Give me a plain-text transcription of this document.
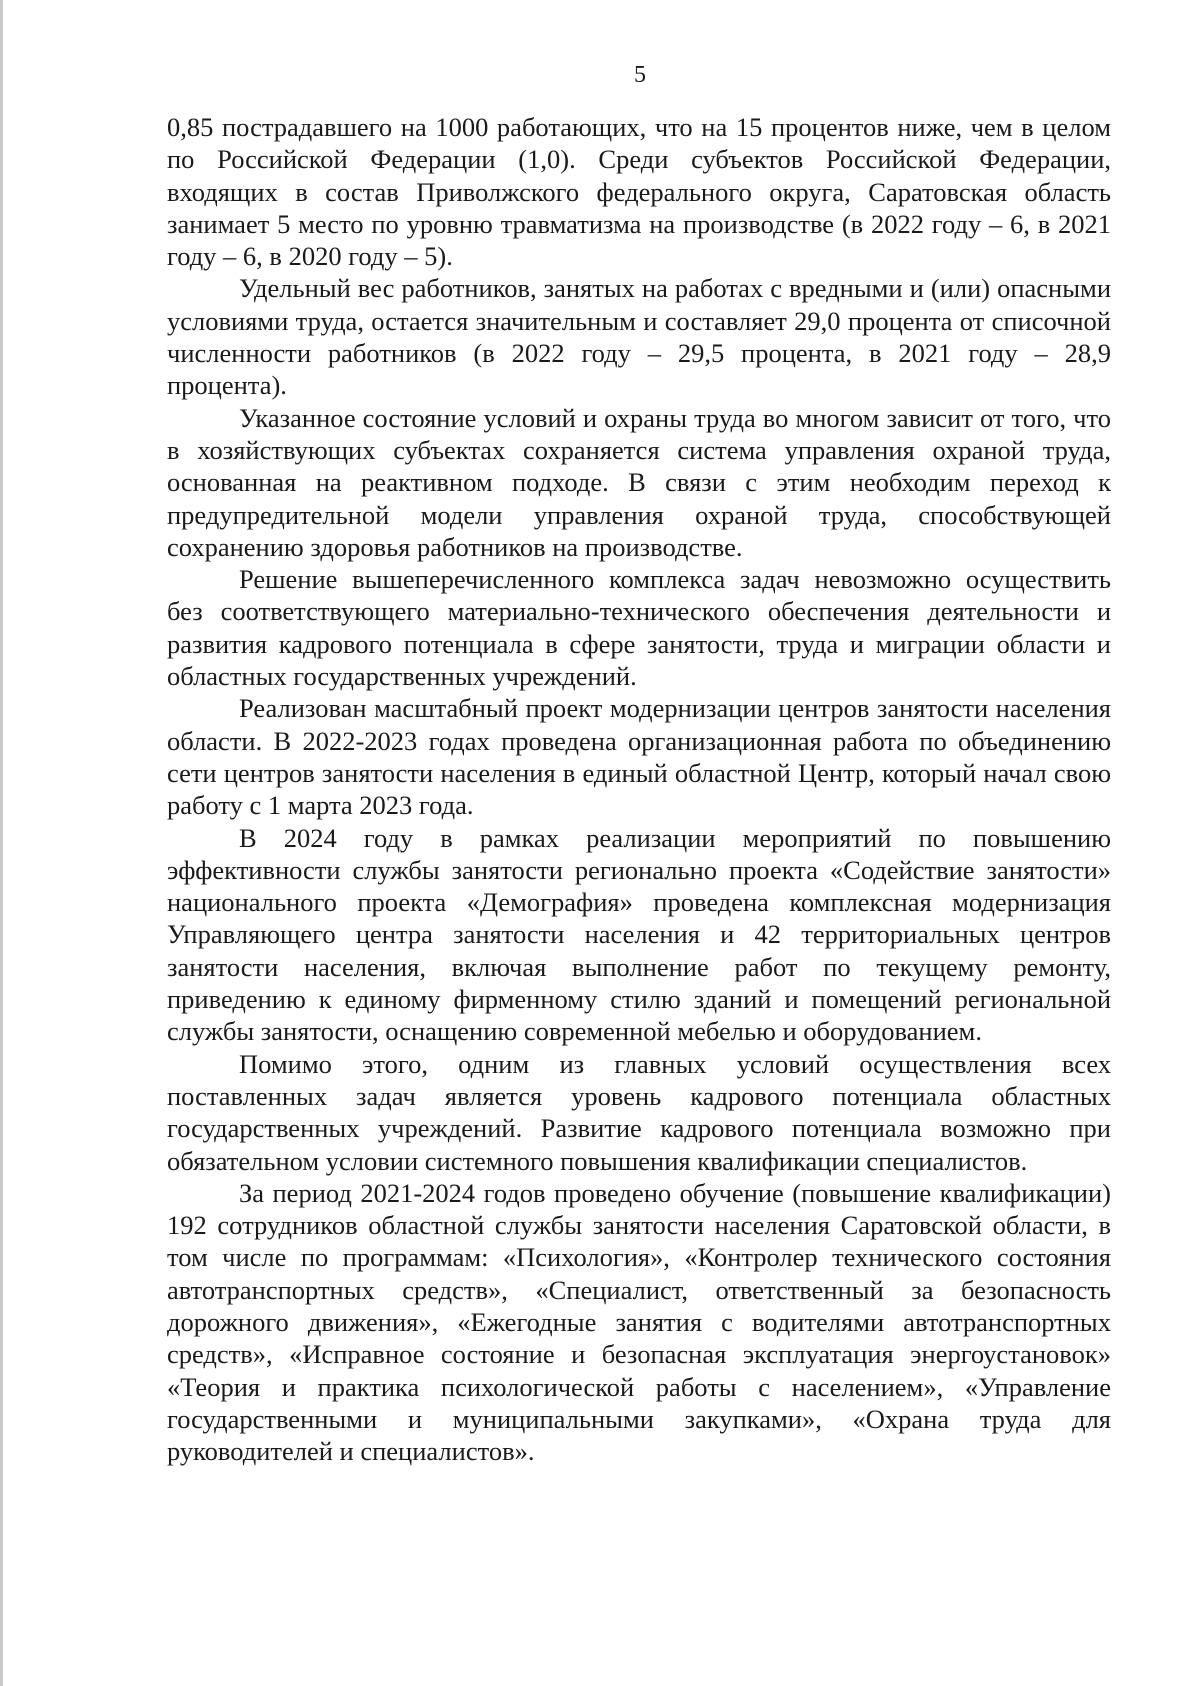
5

0,85 пострадавшего на 1000 работающих, что на 15 процентов ниже, чем в целом по Российской Федерации (1,0). Среди субъектов Российской Федерации, входящих в состав Приволжского федерального округа, Саратовская область занимает 5 место по уровню травматизма на производстве (в 2022 году – 6, в 2021 году – 6, в 2020 году – 5).

Удельный вес работников, занятых на работах с вредными и (или) опасными условиями труда, остается значительным и составляет 29,0 процента от списочной численности работников (в 2022 году – 29,5 процента, в 2021 году – 28,9 процента).

Указанное состояние условий и охраны труда во многом зависит от того, что в хозяйствующих субъектах сохраняется система управления охраной труда, основанная на реактивном подходе. В связи с этим необходим переход к предупредительной модели управления охраной труда, способствующей сохранению здоровья работников на производстве.

Решение вышеперечисленного комплекса задач невозможно осуществить без соответствующего материально-технического обеспечения деятельности и развития кадрового потенциала в сфере занятости, труда и миграции области и областных государственных учреждений.

Реализован масштабный проект модернизации центров занятости населения области. В 2022-2023 годах проведена организационная работа по объединению сети центров занятости населения в единый областной Центр, который начал свою работу с 1 марта 2023 года.

В 2024 году в рамках реализации мероприятий по повышению эффективности службы занятости регионально проекта «Содействие занятости» национального проекта «Демография» проведена комплексная модернизация Управляющего центра занятости населения и 42 территориальных центров занятости населения, включая выполнение работ по текущему ремонту, приведению к единому фирменному стилю зданий и помещений региональной службы занятости, оснащению современной мебелью и оборудованием.

Помимо этого, одним из главных условий осуществления всех поставленных задач является уровень кадрового потенциала областных государственных учреждений. Развитие кадрового потенциала возможно при обязательном условии системного повышения квалификации специалистов.

За период 2021-2024 годов проведено обучение (повышение квалификации) 192 сотрудников областной службы занятости населения Саратовской области, в том числе по программам: «Психология», «Контролер технического состояния автотранспортных средств», «Специалист, ответственный за безопасность дорожного движения», «Ежегодные занятия с водителями автотранспортных средств», «Исправное состояние и безопасная эксплуатация энергоустановок» «Теория и практика психологической работы с населением», «Управление государственными и муниципальными закупками», «Охрана труда для руководителей и специалистов».
